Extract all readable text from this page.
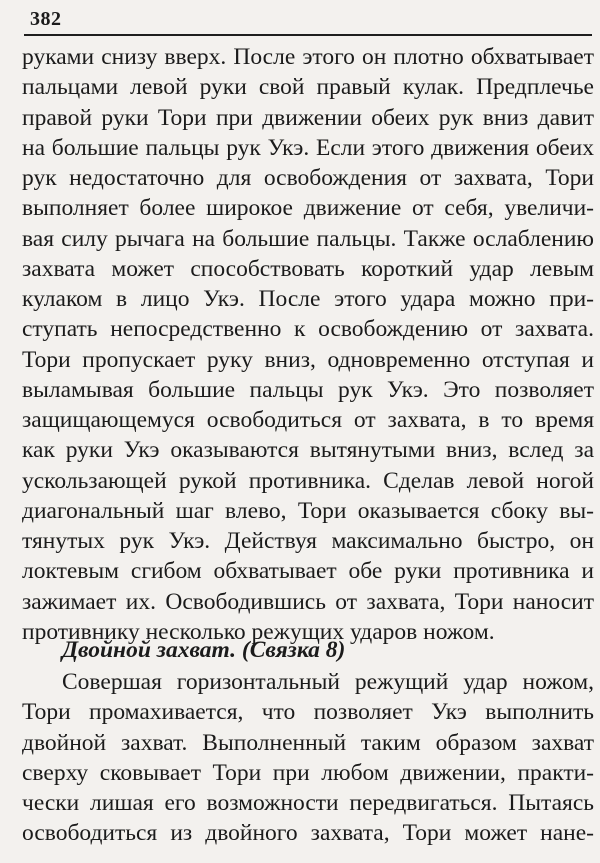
382
руками снизу вверх. После этого он плотно обхватывает
пальцами левой руки свой правый кулак. Предплечье
правой руки Тори при движении обеих рук вниз давит
на большие пальцы рук Укэ. Если этого движения обеих
рук недостаточно для освобождения от захвата, Тори
выполняет более широкое движение от себя, увеличи-
вая силу рычага на большие пальцы. Также ослаблению
захвата может способствовать короткий удар левым
кулаком в лицо Укэ. После этого удара можно при-
ступать непосредственно к освобождению от захвата.
Тори пропускает руку вниз, одновременно отступая и
выламывая большие пальцы рук Укэ. Это позволяет
защищающемуся освободиться от захвата, в то время
как руки Укэ оказываются вытянутыми вниз, вслед за
ускользающей рукой противника. Сделав левой ногой
диагональный шаг влево, Тори оказывается сбоку вы-
тянутых рук Укэ. Действуя максимально быстро, он
локтевым сгибом обхватывает обе руки противника и
зажимает их. Освободившись от захвата, Тори наносит
противнику несколько режущих ударов ножом.
Двойной захват. (Связка 8)
Совершая горизонтальный режущий удар ножом,
Тори промахивается, что позволяет Укэ выполнить
двойной захват. Выполненный таким образом захват
сверху сковывает Тори при любом движении, практи-
чески лишая его возможности передвигаться. Пытаясь
освободиться из двойного захвата, Тори может нане-
